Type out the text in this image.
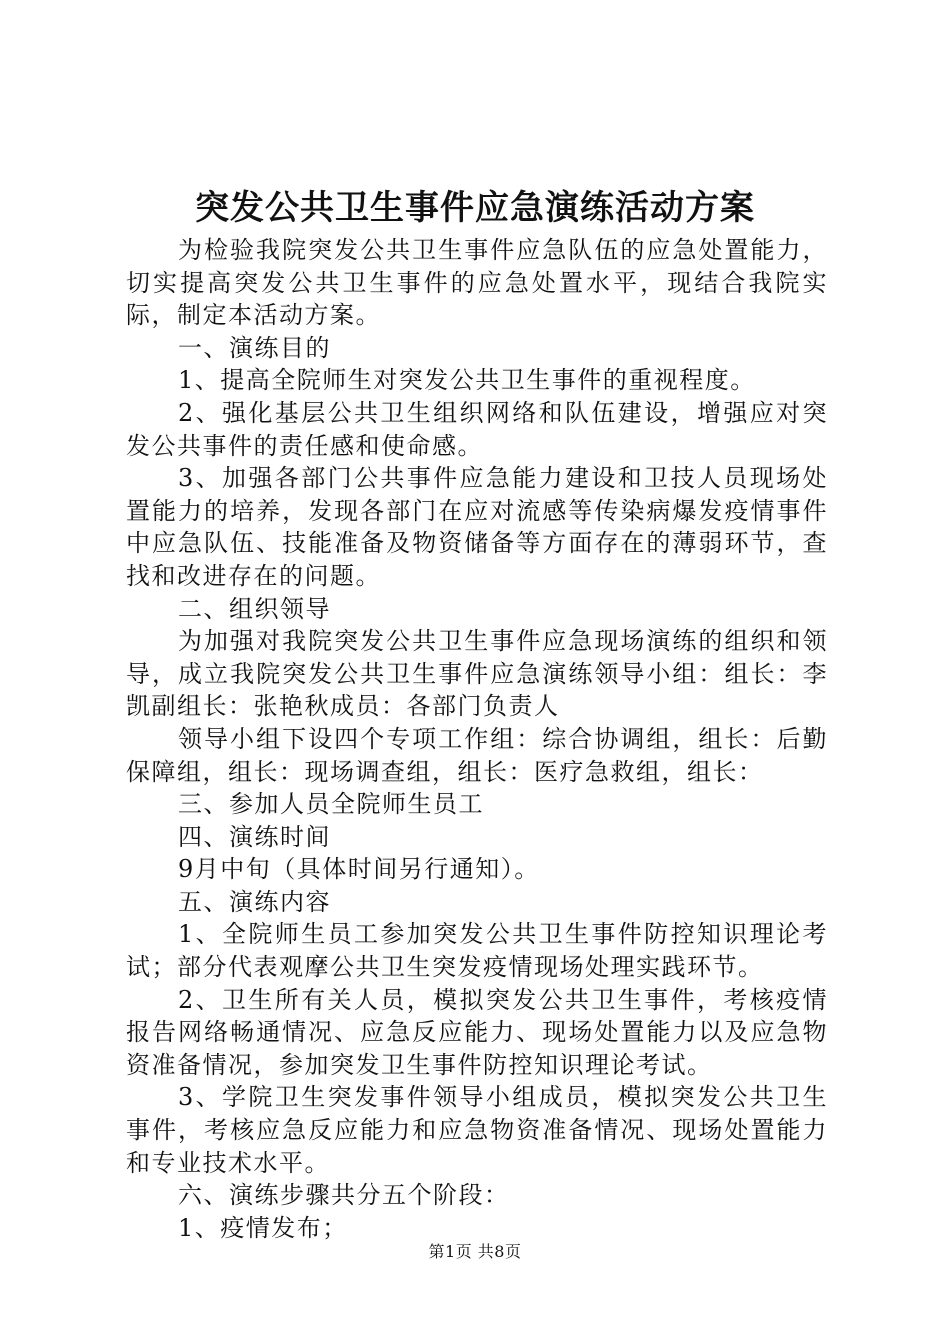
突发公共卫生事件应急演练活动方案

为检验我院突发公共卫生事件应急队伍的应急处置能力，切实提高突发公共卫生事件的应急处置水平，现结合我院实际，制定本活动方案。

一、演练目的

1、提高全院师生对突发公共卫生事件的重视程度。

2、强化基层公共卫生组织网络和队伍建设，增强应对突发公共事件的责任感和使命感。

3、加强各部门公共事件应急能力建设和卫技人员现场处置能力的培养，发现各部门在应对流感等传染病爆发疫情事件中应急队伍、技能准备及物资储备等方面存在的薄弱环节，查找和改进存在的问题。

二、组织领导

为加强对我院突发公共卫生事件应急现场演练的组织和领导，成立我院突发公共卫生事件应急演练领导小组：组长：李凯副组长：张艳秋成员：各部门负责人

领导小组下设四个专项工作组：综合协调组，组长：后勤保障组，组长：现场调查组，组长：医疗急救组，组长：

三、参加人员全院师生员工

四、演练时间

9月中旬（具体时间另行通知）。

五、演练内容

1、全院师生员工参加突发公共卫生事件防控知识理论考试；部分代表观摩公共卫生突发疫情现场处理实践环节。

2、卫生所有关人员，模拟突发公共卫生事件，考核疫情报告网络畅通情况、应急反应能力、现场处置能力以及应急物资准备情况，参加突发卫生事件防控知识理论考试。

3、学院卫生突发事件领导小组成员，模拟突发公共卫生事件，考核应急反应能力和应急物资准备情况、现场处置能力和专业技术水平。

六、演练步骤共分五个阶段：

1、疫情发布；

第1页 共8页
